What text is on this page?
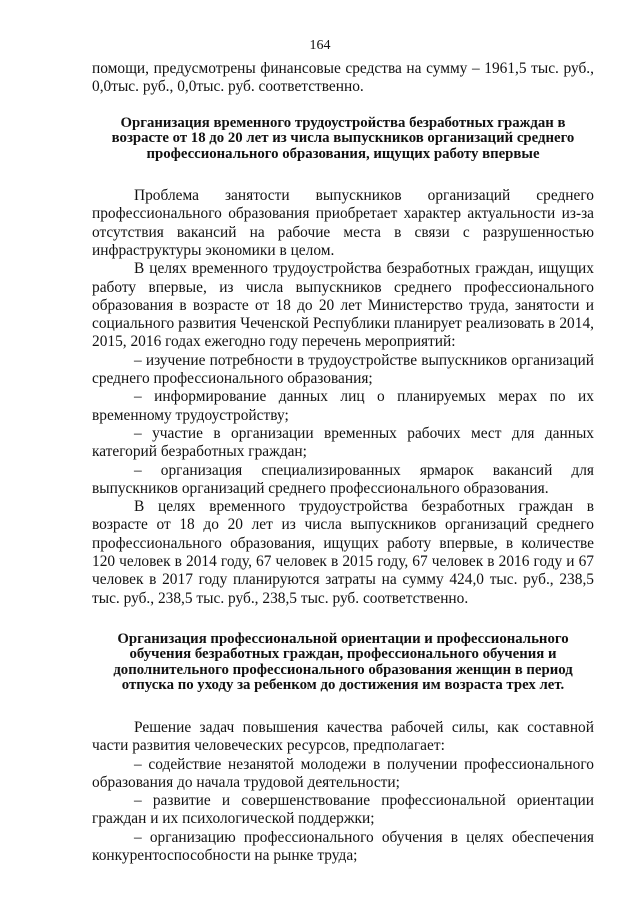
164

помощи, предусмотрены финансовые средства на сумму – 1961,5 тыс. руб., 0,0тыс. руб., 0,0тыс. руб. соответственно.

Организация временного трудоустройства безработных граждан в возрасте от 18 до 20 лет из числа выпускников организаций среднего профессионального образования, ищущих работу впервые

Проблема занятости выпускников организаций среднего профессионального образования приобретает характер актуальности из-за отсутствия вакансий на рабочие места в связи с разрушенностью инфраструктуры экономики в целом.

В целях временного трудоустройства безработных граждан, ищущих работу впервые, из числа выпускников среднего профессионального образования в возрасте от 18 до 20 лет Министерство труда, занятости и социального развития Чеченской Республики планирует реализовать в 2014, 2015, 2016 годах ежегодно году перечень мероприятий:

– изучение потребности в трудоустройстве выпускников организаций среднего профессионального образования;

– информирование данных лиц о планируемых мерах по их временному трудоустройству;

– участие в организации временных рабочих мест для данных категорий безработных граждан;

– организация специализированных ярмарок вакансий для выпускников организаций среднего профессионального образования.

В целях временного трудоустройства безработных граждан в возрасте от 18 до 20 лет из числа выпускников организаций среднего профессионального образования, ищущих работу впервые, в количестве 120 человек в 2014 году, 67 человек в 2015 году, 67 человек в 2016 году и 67 человек в 2017 году планируются затраты на сумму 424,0 тыс. руб., 238,5 тыс. руб., 238,5 тыс. руб., 238,5 тыс. руб. соответственно.

Организация профессиональной ориентации и профессионального обучения безработных граждан, профессионального обучения и дополнительного профессионального образования женщин в период отпуска по уходу за ребенком до достижения им возраста трех лет.

Решение задач повышения качества рабочей силы, как составной части развития человеческих ресурсов, предполагает:

– содействие незанятой молодежи в получении профессионального образования до начала трудовой деятельности;

– развитие и совершенствование профессиональной ориентации граждан и их психологической поддержки;

– организацию профессионального обучения в целях обеспечения конкурентоспособности на рынке труда;
